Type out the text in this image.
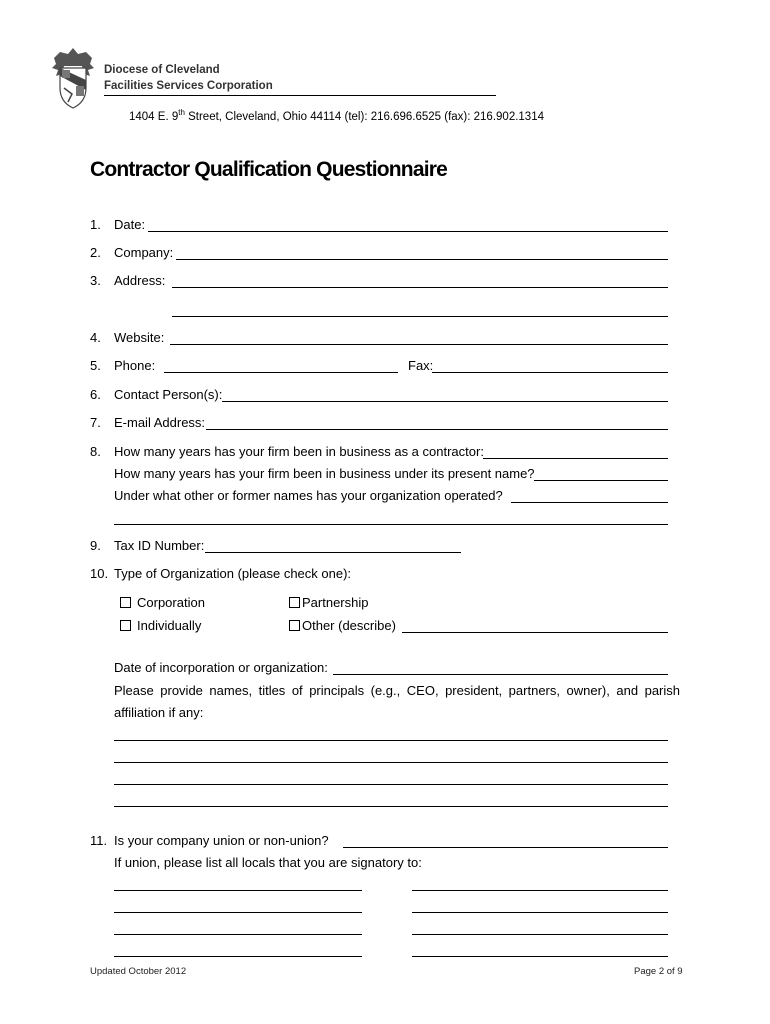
Diocese of Cleveland
Facilities Services Corporation
1404 E. 9th Street, Cleveland, Ohio 44114 (tel): 216.696.6525 (fax): 216.902.1314
Contractor Qualification Questionnaire
1. Date:
2. Company:
3. Address:
4. Website:
5. Phone:	Fax:
6. Contact Person(s):
7. E-mail Address:
8. How many years has your firm been in business as a contractor:
How many years has your firm been in business under its present name?
Under what other or former names has your organization operated?
9. Tax ID Number:
10. Type of Organization (please check one):
Corporation	Partnership
Individually	Other (describe)
Date of incorporation or organization:
Please provide names, titles of principals (e.g., CEO, president, partners, owner), and parish
affiliation if any:
11. Is your company union or non-union?
If union, please list all locals that you are signatory to:
Updated October 2012	Page 2 of 9
